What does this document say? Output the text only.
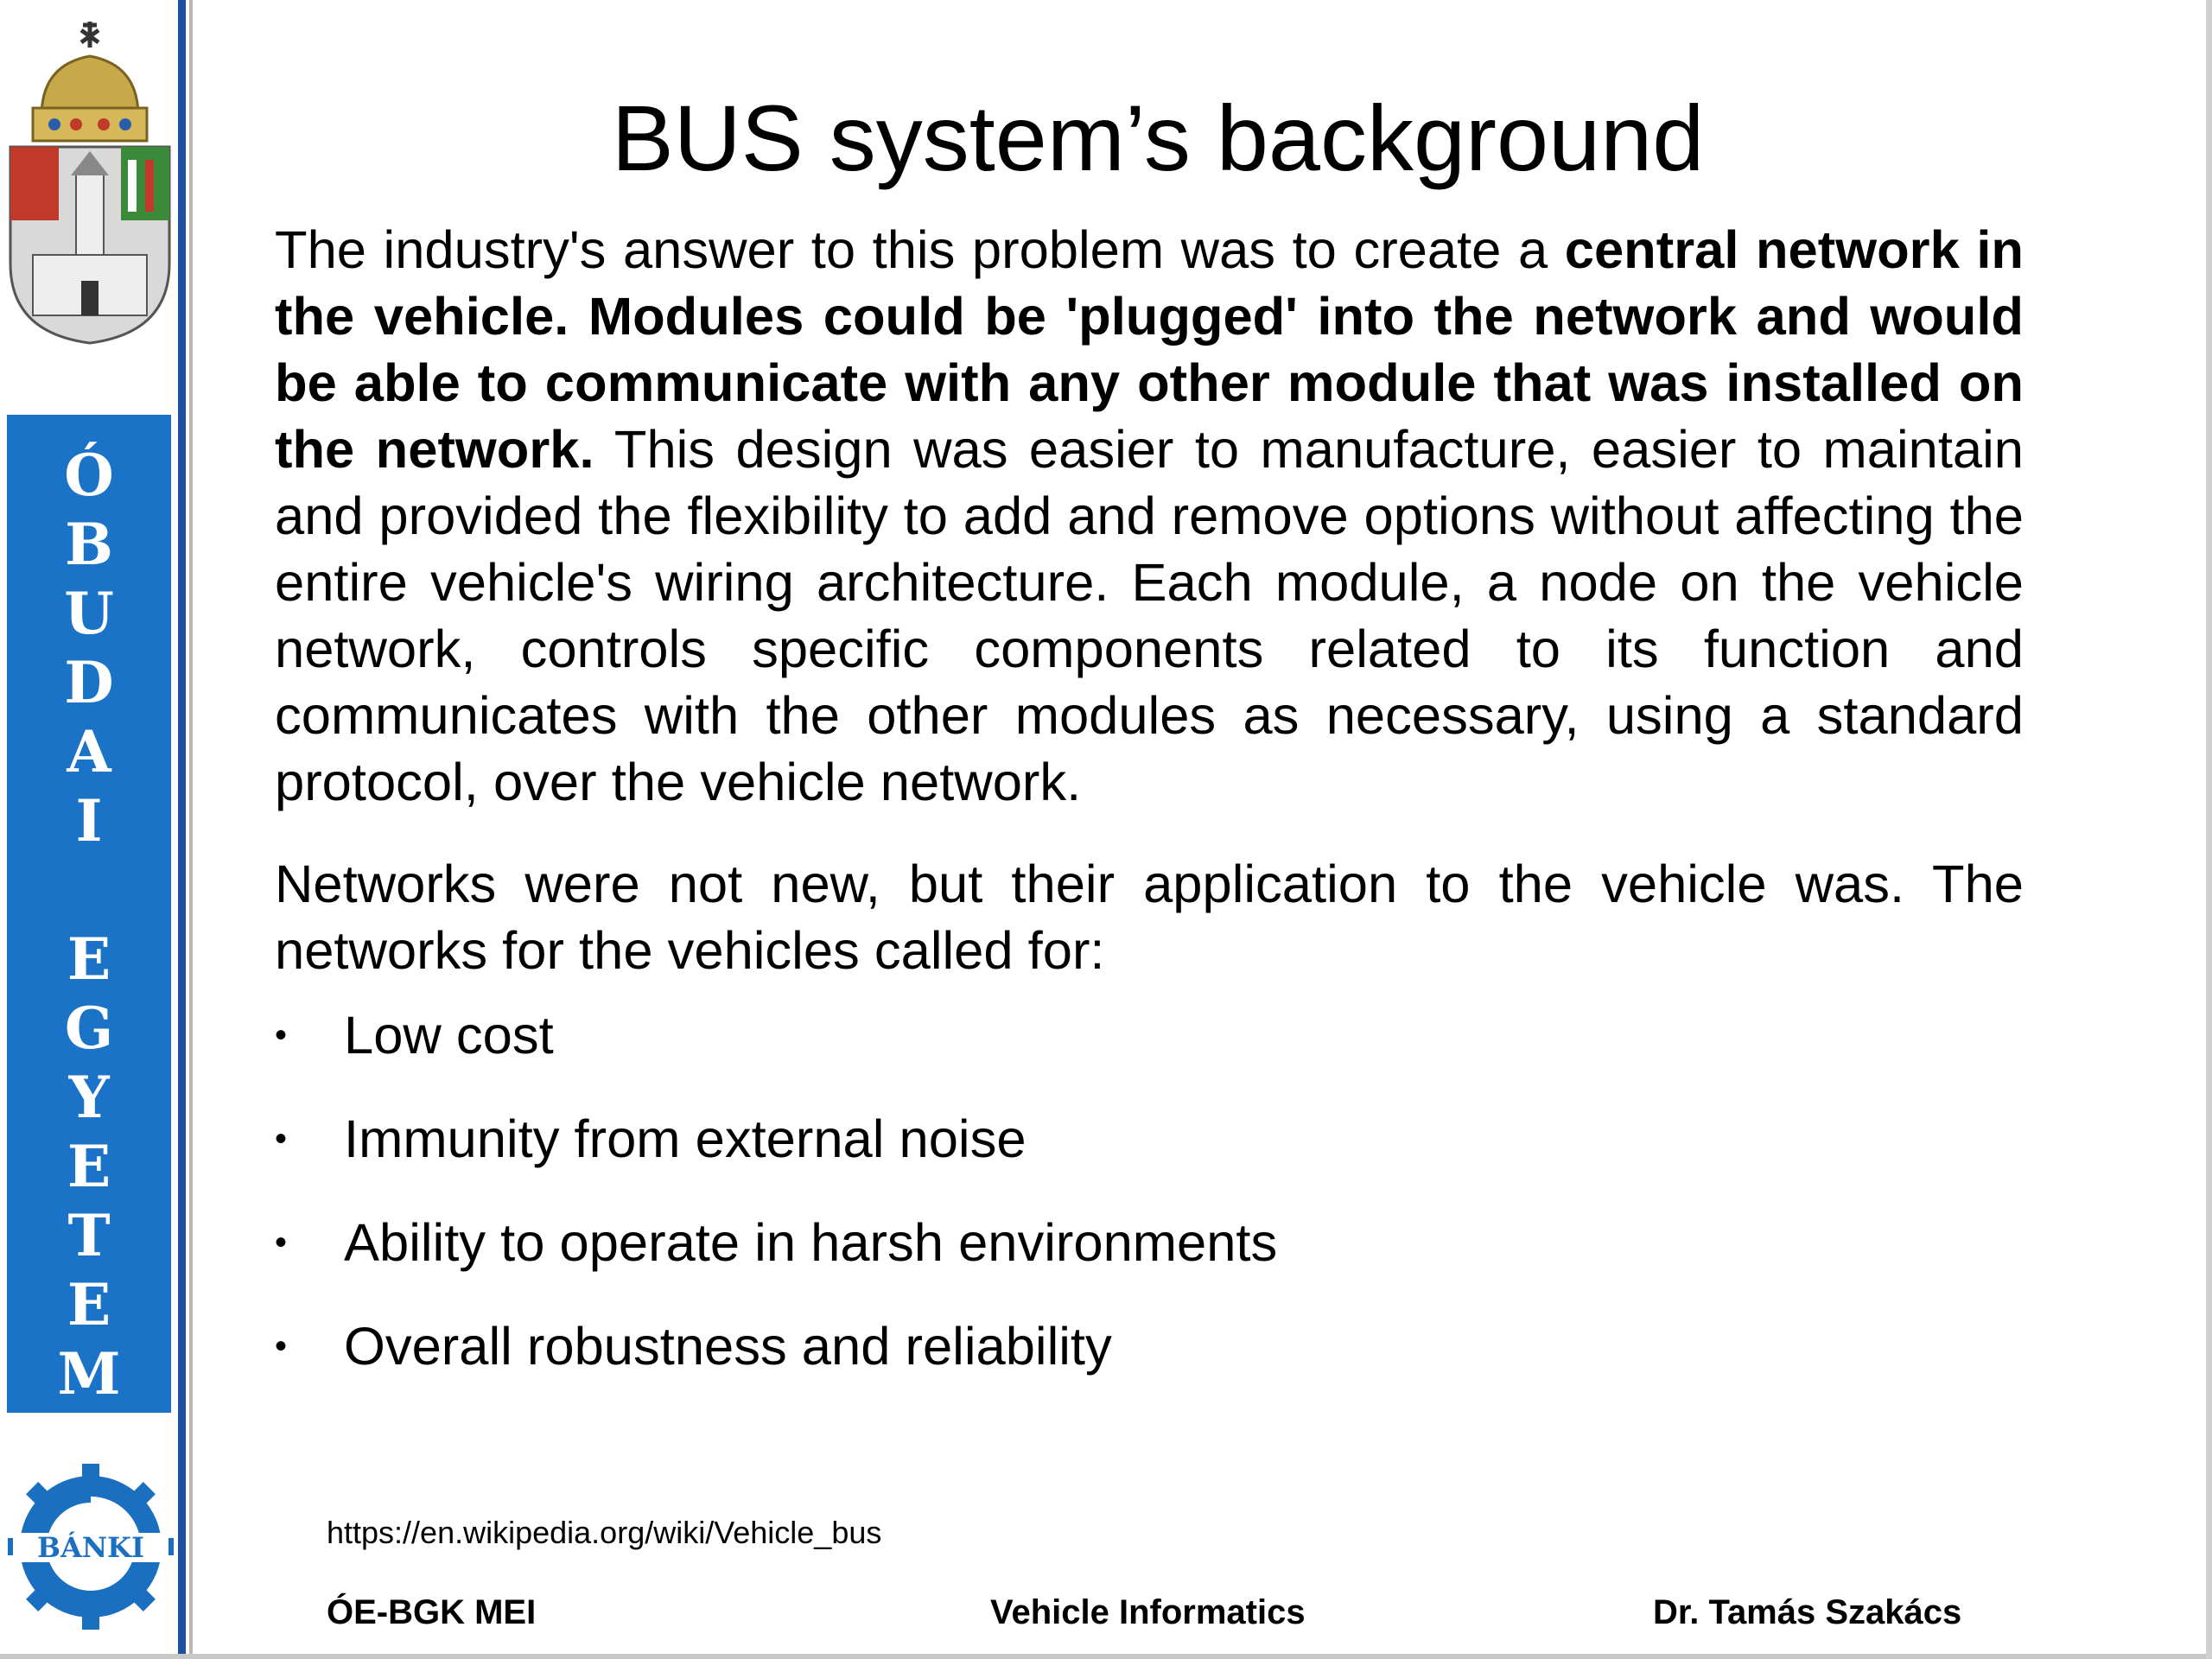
Ó
B
U
D
A
I
E
G
Y
E
T
E
M
BÁNKI
BUS system’s background

The industry's answer to this problem was to create a central network in the vehicle. Modules could be 'plugged' into the network and would be able to communicate with any other module that was installed on the network. This design was easier to manufacture, easier to maintain and provided the flexibility to add and remove options without affecting the entire vehicle's wiring architecture. Each module, a node on the vehicle network, controls specific components related to its function and communicates with the other modules as necessary, using a standard protocol, over the vehicle network.

Networks were not new, but their application to the vehicle was. The networks for the vehicles called for:

• Low cost
• Immunity from external noise
• Ability to operate in harsh environments
• Overall robustness and reliability
https://en.wikipedia.org/wiki/Vehicle_bus
ÓE-BGK MEI	Vehicle Informatics	Dr. Tamás Szakács
